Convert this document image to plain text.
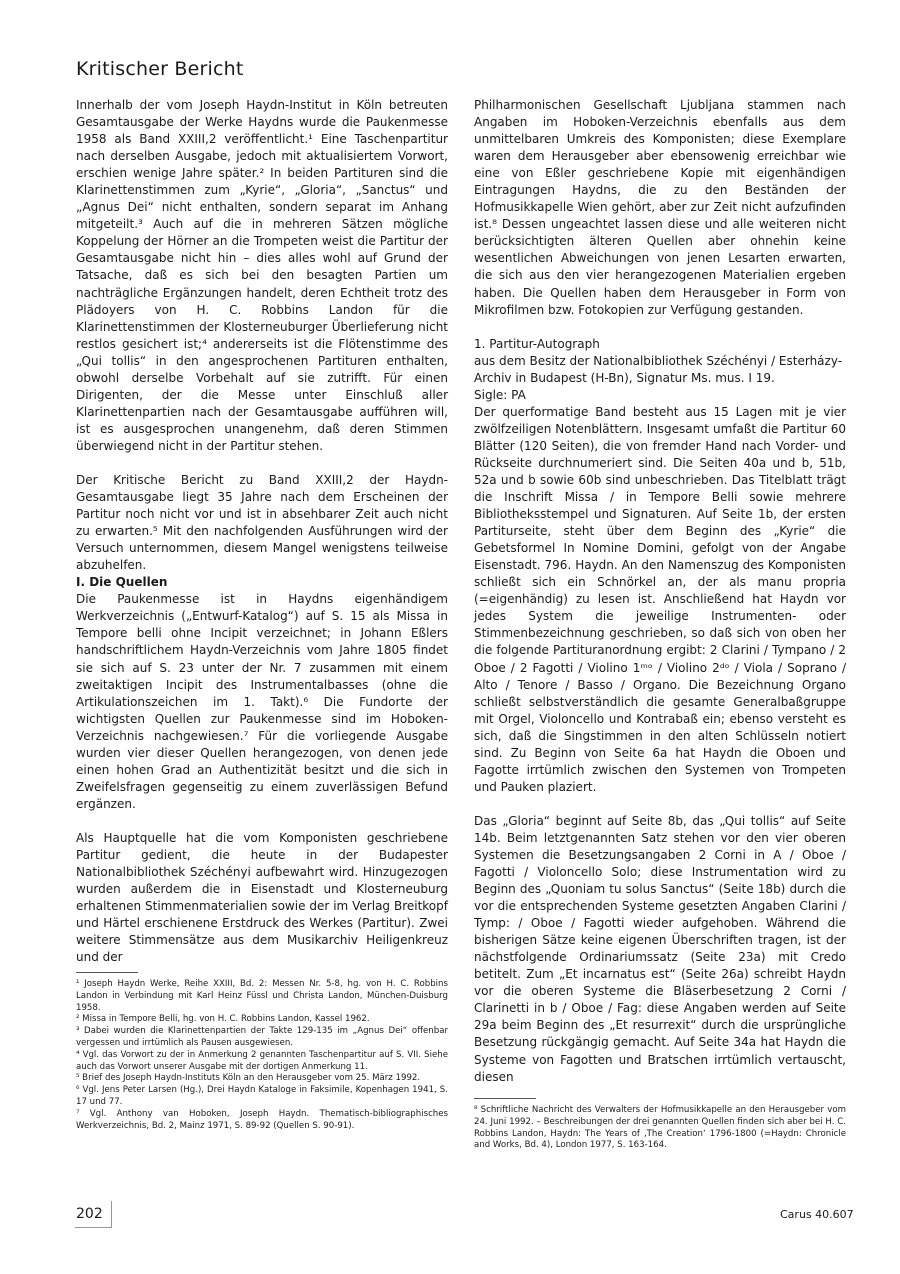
Kritischer Bericht

Innerhalb der vom Joseph Haydn-Institut in Köln betreuten Gesamtausgabe der Werke Haydns wurde die Paukenmesse 1958 als Band XXIII,2 veröffentlicht.¹ Eine Taschenpartitur nach derselben Ausgabe, jedoch mit aktualisiertem Vorwort, erschien wenige Jahre später.² In beiden Partituren sind die Klarinettenstimmen zum „Kyrie“, „Gloria“, „Sanctus“ und „Agnus Dei“ nicht enthalten, sondern separat im Anhang mitgeteilt.³ Auch auf die in mehreren Sätzen mögliche Koppelung der Hörner an die Trompeten weist die Partitur der Gesamtausgabe nicht hin – dies alles wohl auf Grund der Tatsache, daß es sich bei den besagten Partien um nachträgliche Ergänzungen handelt, deren Echtheit trotz des Plädoyers von H. C. Robbins Landon für die Klarinettenstimmen der Klosterneuburger Überlieferung nicht restlos gesichert ist;⁴ andererseits ist die Flötenstimme des „Qui tollis“ in den angesprochenen Partituren enthalten, obwohl derselbe Vorbehalt auf sie zutrifft. Für einen Dirigenten, der die Messe unter Einschluß aller Klarinettenpartien nach der Gesamtausgabe aufführen will, ist es ausgesprochen unangenehm, daß deren Stimmen überwiegend nicht in der Partitur stehen.

Der Kritische Bericht zu Band XXIII,2 der Haydn-Gesamtausgabe liegt 35 Jahre nach dem Erscheinen der Partitur noch nicht vor und ist in absehbarer Zeit auch nicht zu erwarten.⁵ Mit den nachfolgenden Ausführungen wird der Versuch unternommen, diesem Mangel wenigstens teilweise abzuhelfen.

I. Die Quellen

Die Paukenmesse ist in Haydns eigenhändigem Werkverzeichnis („Entwurf-Katalog“) auf S. 15 als Missa in Tempore belli ohne Incipit verzeichnet; in Johann Eßlers handschriftlichem Haydn-Verzeichnis vom Jahre 1805 findet sie sich auf S. 23 unter der Nr. 7 zusammen mit einem zweitaktigen Incipit des Instrumentalbasses (ohne die Artikulationszeichen im 1. Takt).⁶ Die Fundorte der wichtigsten Quellen zur Paukenmesse sind im Hoboken-Verzeichnis nachgewiesen.⁷ Für die vorliegende Ausgabe wurden vier dieser Quellen herangezogen, von denen jede einen hohen Grad an Authentizität besitzt und die sich in Zweifelsfragen gegenseitig zu einem zuverlässigen Befund ergänzen.

Als Hauptquelle hat die vom Komponisten geschriebene Partitur gedient, die heute in der Budapester Nationalbibliothek Széchényi aufbewahrt wird. Hinzugezogen wurden außerdem die in Eisenstadt und Klosterneuburg erhaltenen Stimmenmaterialien sowie der im Verlag Breitkopf und Härtel erschienene Erstdruck des Werkes (Partitur). Zwei weitere Stimmensätze aus dem Musikarchiv Heiligenkreuz und der

¹ Joseph Haydn Werke, Reihe XXIII, Bd. 2: Messen Nr. 5-8, hg. von H. C. Robbins Landon in Verbindung mit Karl Heinz Füssl und Christa Landon, München-Duisburg 1958.
² Missa in Tempore Belli, hg. von H. C. Robbins Landon, Kassel 1962.
³ Dabei wurden die Klarinettenpartien der Takte 129-135 im „Agnus Dei“ offenbar vergessen und irrtümlich als Pausen ausgewiesen.
⁴ Vgl. das Vorwort zu der in Anmerkung 2 genannten Taschenpartitur auf S. VII. Siehe auch das Vorwort unserer Ausgabe mit der dortigen Anmerkung 11.
⁵ Brief des Joseph Haydn-Instituts Köln an den Herausgeber vom 25. März 1992.
⁶ Vgl. Jens Peter Larsen (Hg.), Drei Haydn Kataloge in Faksimile, Kopenhagen 1941, S. 17 und 77.
⁷ Vgl. Anthony van Hoboken, Joseph Haydn. Thematisch-bibliographisches Werkverzeichnis, Bd. 2, Mainz 1971, S. 89-92 (Quellen S. 90-91).

Philharmonischen Gesellschaft Ljubljana stammen nach Angaben im Hoboken-Verzeichnis ebenfalls aus dem unmittelbaren Umkreis des Komponisten; diese Exemplare waren dem Herausgeber aber ebensowenig erreichbar wie eine von Eßler geschriebene Kopie mit eigenhändigen Eintragungen Haydns, die zu den Beständen der Hofmusikkapelle Wien gehört, aber zur Zeit nicht aufzufinden ist.⁸ Dessen ungeachtet lassen diese und alle weiteren nicht berücksichtigten älteren Quellen aber ohnehin keine wesentlichen Abweichungen von jenen Lesarten erwarten, die sich aus den vier herangezogenen Materialien ergeben haben. Die Quellen haben dem Herausgeber in Form von Mikrofilmen bzw. Fotokopien zur Verfügung gestanden.

1. Partitur-Autograph
aus dem Besitz der Nationalbibliothek Széchényi / Esterházy-
Archiv in Budapest (H-Bn), Signatur Ms. mus. I 19.
Sigle: PA

Der querformatige Band besteht aus 15 Lagen mit je vier zwölfzeiligen Notenblättern. Insgesamt umfaßt die Partitur 60 Blätter (120 Seiten), die von fremder Hand nach Vorder- und Rückseite durchnumeriert sind. Die Seiten 40a und b, 51b, 52a und b sowie 60b sind unbeschrieben. Das Titelblatt trägt die Inschrift Missa / in Tempore Belli sowie mehrere Bibliotheksstempel und Signaturen. Auf Seite 1b, der ersten Partiturseite, steht über dem Beginn des „Kyrie“ die Gebetsformel In Nomine Domini, gefolgt von der Angabe Eisenstadt. 796. Haydn. An den Namenszug des Komponisten schließt sich ein Schnörkel an, der als manu propria (=eigenhändig) zu lesen ist. Anschließend hat Haydn vor jedes System die jeweilige Instrumenten- oder Stimmenbezeichnung geschrieben, so daß sich von oben her die folgende Partituranordnung ergibt: 2 Clarini / Tympano / 2 Oboe / 2 Fagotti / Violino 1ᵐᵒ / Violino 2ᵈᵒ / Viola / Soprano / Alto / Tenore / Basso / Organo. Die Bezeichnung Organo schließt selbstverständlich die gesamte Generalbaßgruppe mit Orgel, Violoncello und Kontrabaß ein; ebenso versteht es sich, daß die Singstimmen in den alten Schlüsseln notiert sind. Zu Beginn von Seite 6a hat Haydn die Oboen und Fagotte irrtümlich zwischen den Systemen von Trompeten und Pauken plaziert.

Das „Gloria“ beginnt auf Seite 8b, das „Qui tollis“ auf Seite 14b. Beim letztgenannten Satz stehen vor den vier oberen Systemen die Besetzungsangaben 2 Corni in A / Oboe / Fagotti / Violoncello Solo; diese Instrumentation wird zu Beginn des „Quoniam tu solus Sanctus“ (Seite 18b) durch die vor die entsprechenden Systeme gesetzten Angaben Clarini / Tymp: / Oboe / Fagotti wieder aufgehoben. Während die bisherigen Sätze keine eigenen Überschriften tragen, ist der nächstfolgende Ordinariumssatz (Seite 23a) mit Credo betitelt. Zum „Et incarnatus est“ (Seite 26a) schreibt Haydn vor die oberen Systeme die Bläserbesetzung 2 Corni / Clarinetti in b / Oboe / Fag: diese Angaben werden auf Seite 29a beim Beginn des „Et resurrexit“ durch die ursprüngliche Besetzung rückgängig gemacht. Auf Seite 34a hat Haydn die Systeme von Fagotten und Bratschen irrtümlich vertauscht, diesen

⁸ Schriftliche Nachricht des Verwalters der Hofmusikkapelle an den Herausgeber vom 24. Juni 1992. – Beschreibungen der drei genannten Quellen finden sich aber bei H. C. Robbins Landon, Haydn: The Years of ‚The Creation‘ 1796-1800 (=Haydn: Chronicle and Works, Bd. 4), London 1977, S. 163-164.
202	Carus 40.607
